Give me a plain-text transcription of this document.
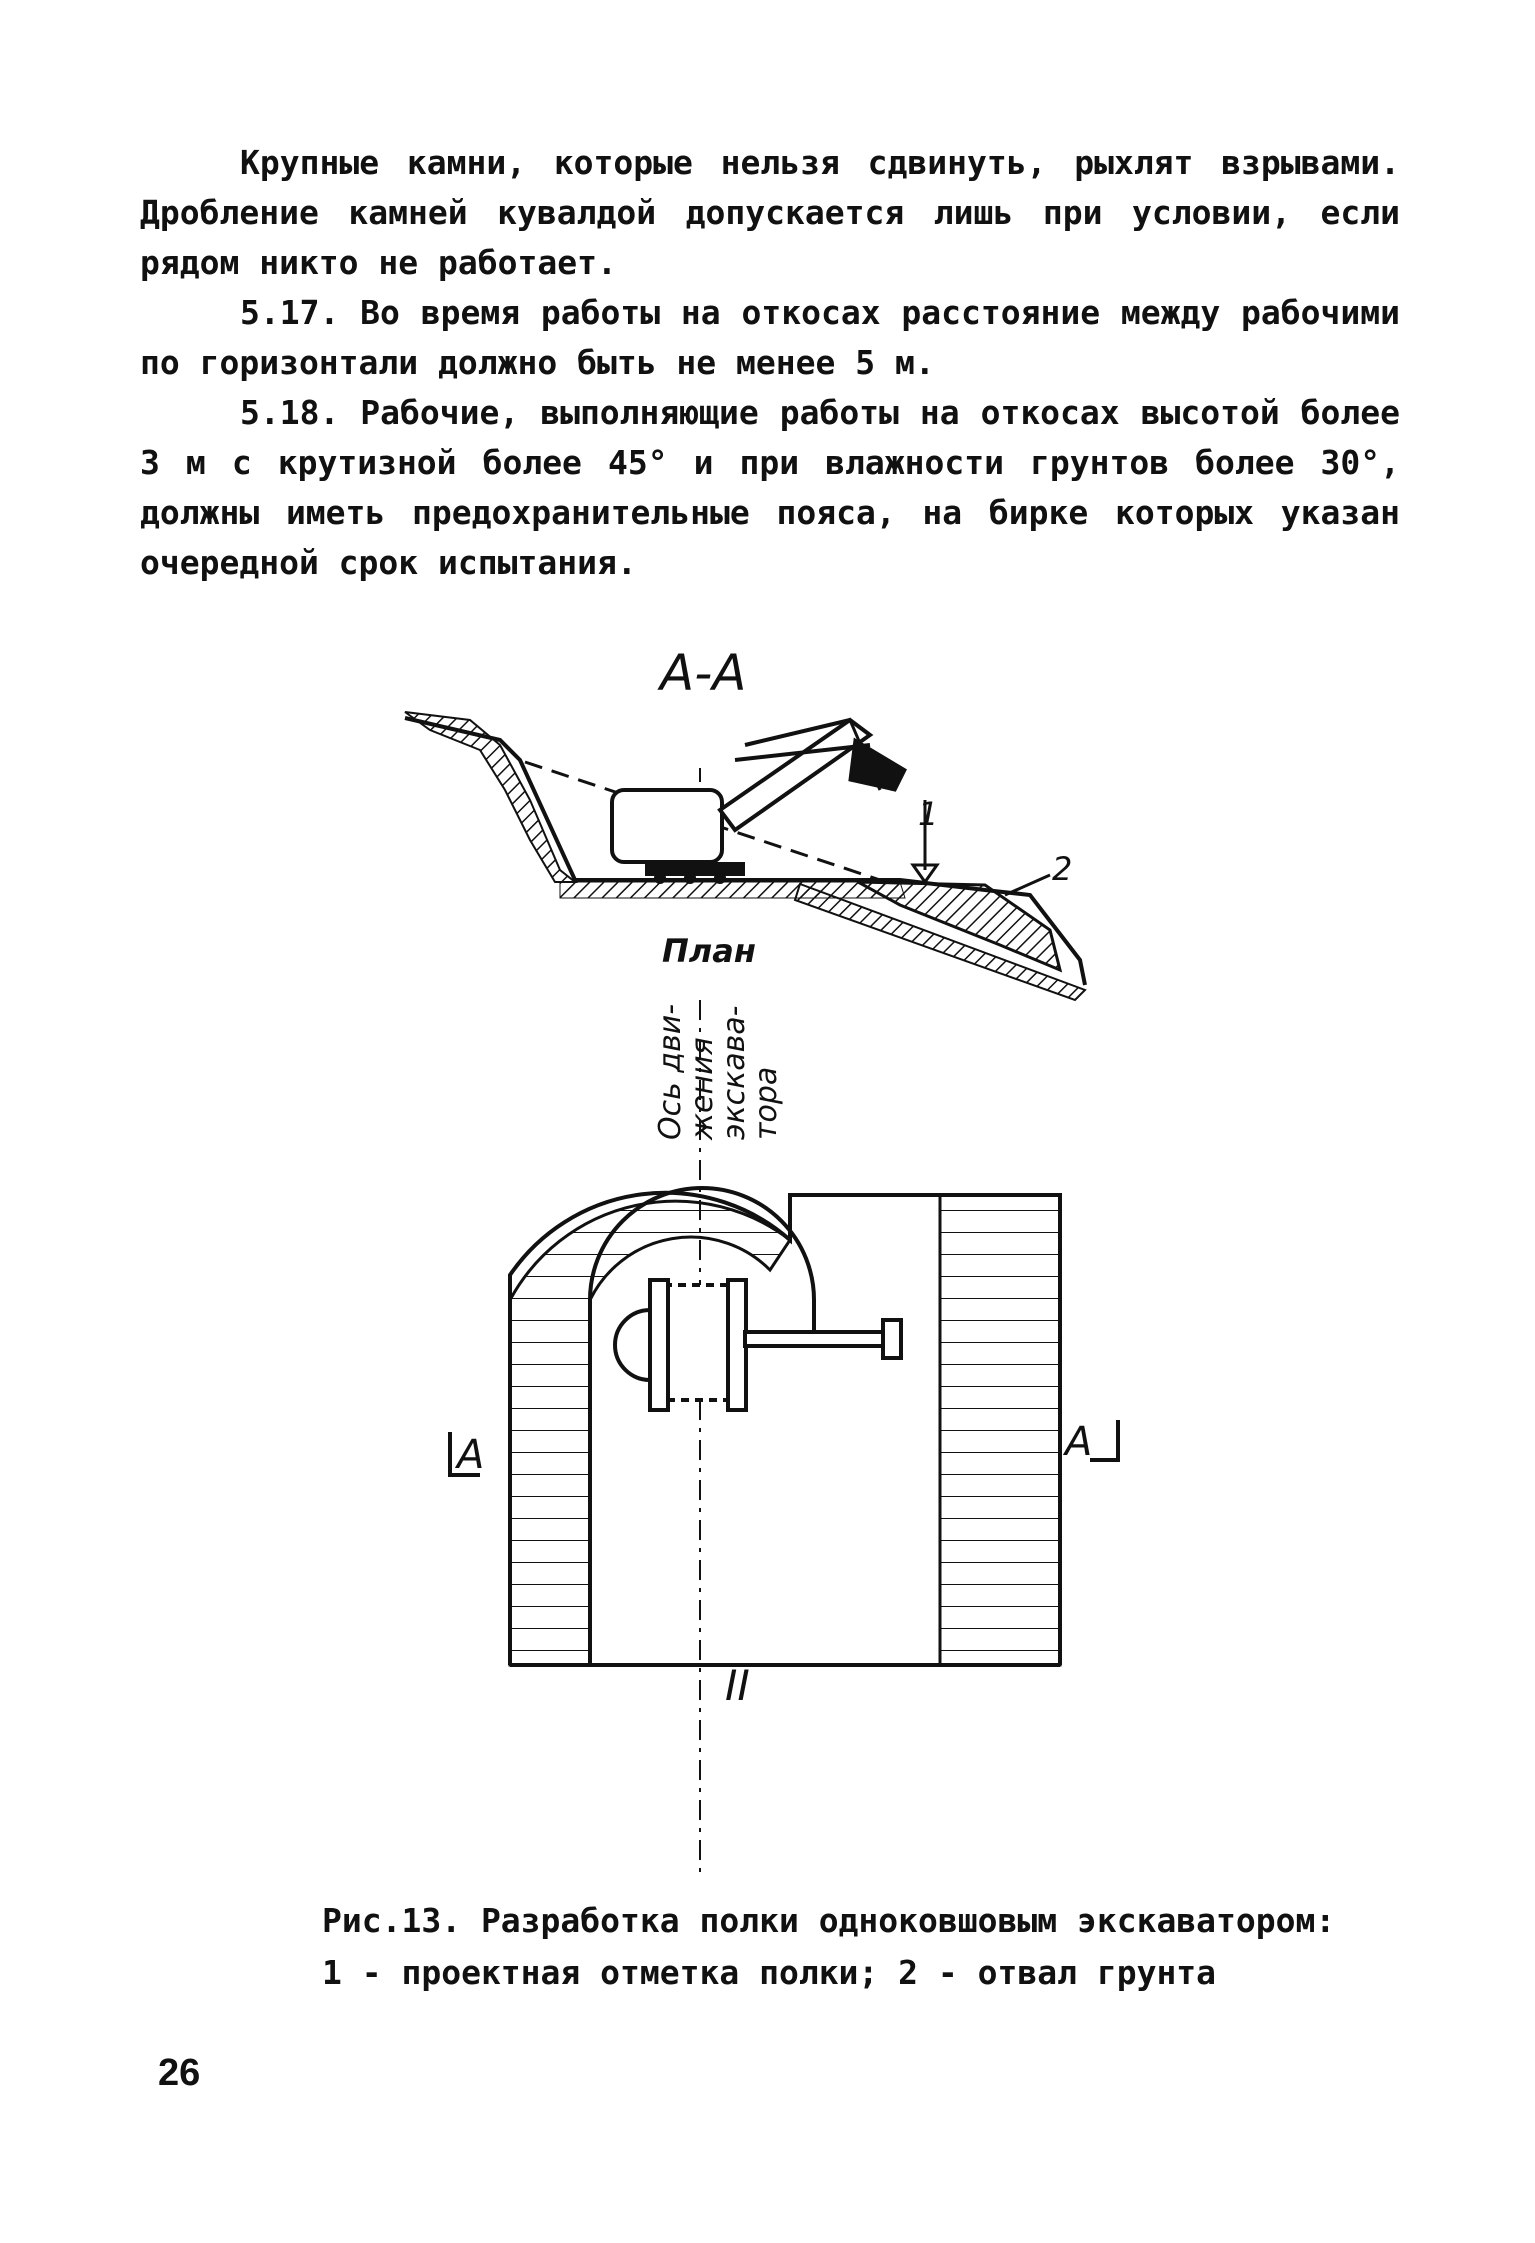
Крупные камни, которые нельзя сдвинуть, рыхлят взрывами. Дробление камней кувалдой допускается лишь при условии, если рядом никто не работает.

5.17. Во время работы на откосах расстояние между рабочими по горизонтали должно быть не менее 5 м.

5.18. Рабочие, выполняющие работы на откосах высотой более 3 м с крутизной более 45° и при влажности грунтов более 30°, должны иметь предохранительные пояса, на бирке которых указан очередной срок испытания.

А-А
1
2
План
А	А
II
Ось дви-
жения
экскава-
тора
Рис.13. Разработка полки одноковшовым экскаватором:
1 - проектная отметка полки; 2 - отвал грунта
26
